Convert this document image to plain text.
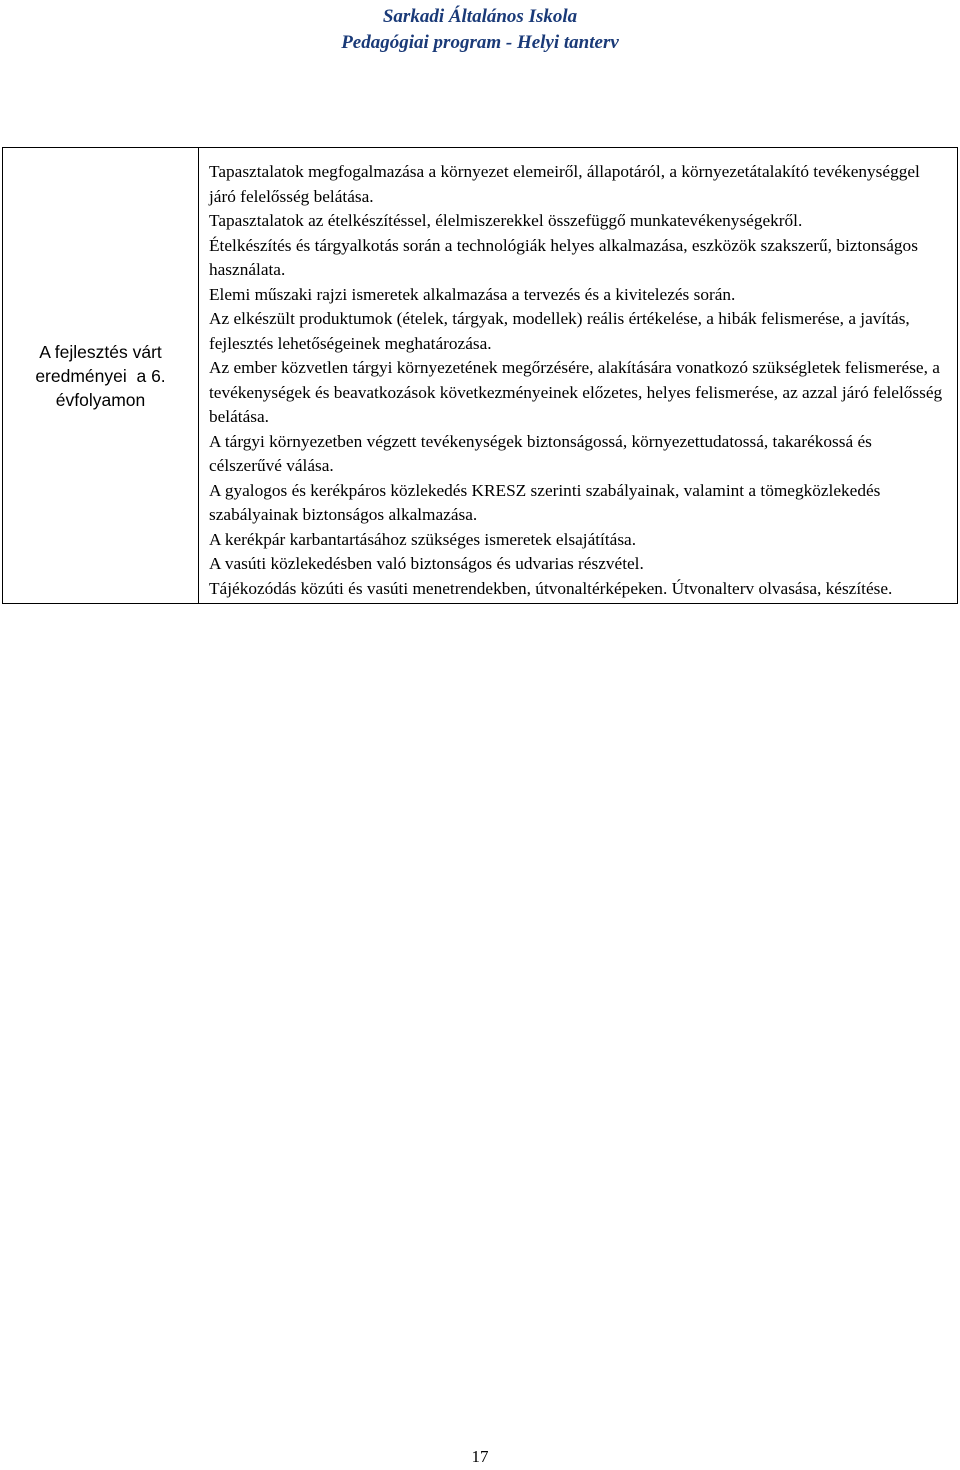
Sarkadi Általános Iskola
Pedagógiai program - Helyi tanterv
A fejlesztés várt
eredményei  a 6.
évfolyamon

Tapasztalatok megfogalmazása a környezet elemeiről, állapotáról, a környezetátalakító tevékenységgel járó felelősség belátása.

Tapasztalatok az ételkészítéssel, élelmiszerekkel összefüggő munkatevékenységekről.

Ételkészítés és tárgyalkotás során a technológiák helyes alkalmazása, eszközök szakszerű, biztonságos használata.

Elemi műszaki rajzi ismeretek alkalmazása a tervezés és a kivitelezés során.

Az elkészült produktumok (ételek, tárgyak, modellek) reális értékelése, a hibák felismerése, a javítás, fejlesztés lehetőségeinek meghatározása.

Az ember közvetlen tárgyi környezetének megőrzésére, alakítására vonatkozó szükségletek felismerése, a tevékenységek és beavatkozások következményeinek előzetes, helyes felismerése, az azzal járó felelősség belátása.

A tárgyi környezetben végzett tevékenységek biztonságossá, környezettudatossá, takarékossá és célszerűvé válása.

A gyalogos és kerékpáros közlekedés KRESZ szerinti szabályainak, valamint a tömegközlekedés szabályainak biztonságos alkalmazása.

A kerékpár karbantartásához szükséges ismeretek elsajátítása.

A vasúti közlekedésben való biztonságos és udvarias részvétel.

Tájékozódás közúti és vasúti menetrendekben, útvonaltérképeken. Útvonalterv olvasása, készítése.

17
